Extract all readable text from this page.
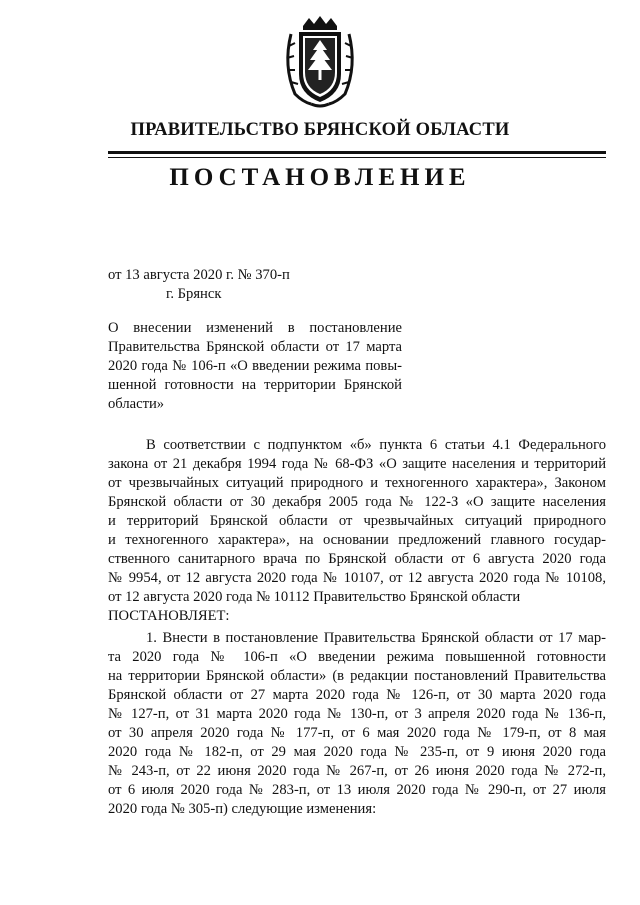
ПРАВИТЕЛЬСТВО БРЯНСКОЙ ОБЛАСТИ
ПОСТАНОВЛЕНИЕ
от 13 августа 2020 г. № 370-п
г. Брянск

О внесении изменений в постановление

Правительства Брянской области от 17 марта

2020 года № 106-п «О введении режима повы-

шенной готовности на территории Брянской

области»

В соответствии с подпунктом «б» пункта 6 статьи 4.1 Федерального

закона от 21 декабря 1994 года № 68-ФЗ «О защите населения и территорий

от чрезвычайных ситуаций природного и техногенного характера», Законом

Брянской области от 30 декабря 2005 года № 122-З «О защите населения

и территорий Брянской области от чрезвычайных ситуаций природного

и техногенного характера», на основании предложений главного государ-

ственного санитарного врача по Брянской области от 6 августа 2020 года

№ 9954, от 12 августа 2020 года № 10107, от 12 августа 2020 года № 10108,

от 12 августа 2020 года № 10112 Правительство Брянской области

ПОСТАНОВЛЯЕТ:

1. Внести в постановление Правительства Брянской области от 17 мар-

та 2020 года № 106-п «О введении режима повышенной готовности

на территории Брянской области» (в редакции постановлений Правительства

Брянской области от 27 марта 2020 года № 126-п, от 30 марта 2020 года

№ 127-п, от 31 марта 2020 года № 130-п, от 3 апреля 2020 года № 136-п,

от 30 апреля 2020 года № 177-п, от 6 мая 2020 года № 179-п, от 8 мая

2020 года № 182-п, от 29 мая 2020 года № 235-п, от 9 июня 2020 года

№ 243-п, от 22 июня 2020 года № 267-п, от 26 июня 2020 года № 272-п,

от 6 июля 2020 года № 283-п, от 13 июля 2020 года № 290-п, от 27 июля

2020 года № 305-п) следующие изменения:
